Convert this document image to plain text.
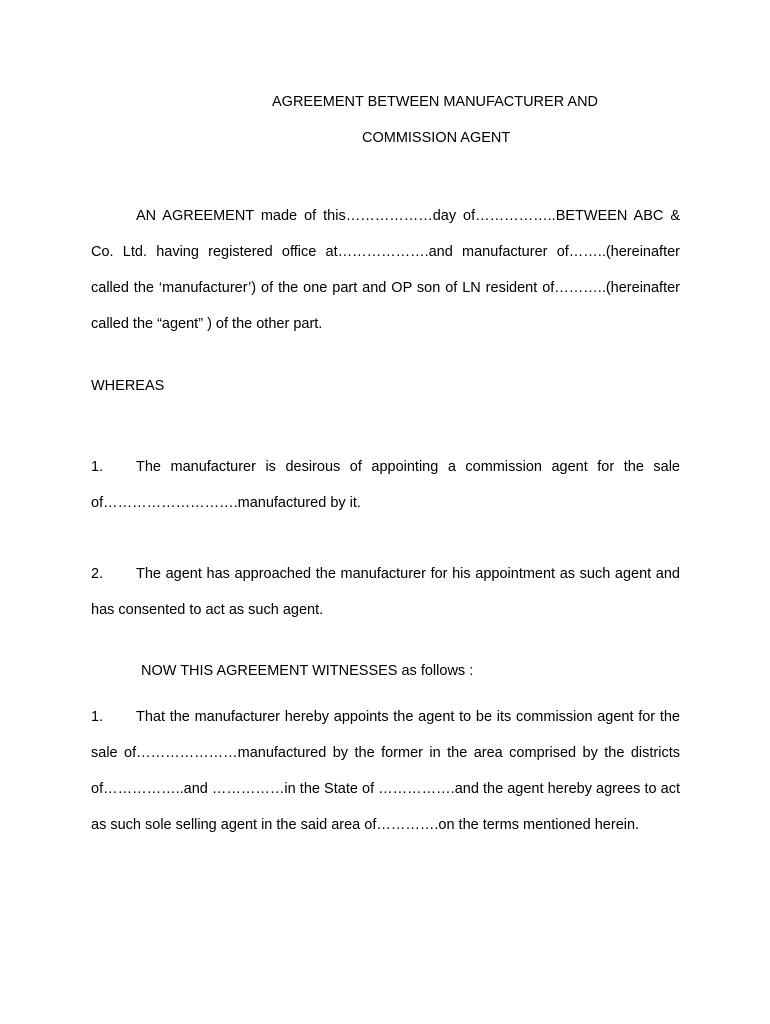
AGREEMENT BETWEEN MANUFACTURER AND
COMMISSION AGENT
AN AGREEMENT made of this………………day of……………..BETWEEN ABC & Co. Ltd. having registered office at……………….and manufacturer of……..(hereinafter called the ‘manufacturer’) of the one part and OP son of LN resident of………..(hereinafter called the “agent” ) of the other part.
WHEREAS
1. The manufacturer is desirous of appointing a commission agent for the sale of……………………….manufactured by it.
2. The agent has approached the manufacturer for his appointment as such agent and has consented to act as such agent.
NOW THIS AGREEMENT WITNESSES as follows :
1. That the manufacturer hereby appoints the agent to be its commission agent for the sale of…………………manufactured by the former in the area comprised by the districts of……………..and ……………in the State of …………….and the agent hereby agrees to act as such sole selling agent in the said area of………….on the terms mentioned herein.
